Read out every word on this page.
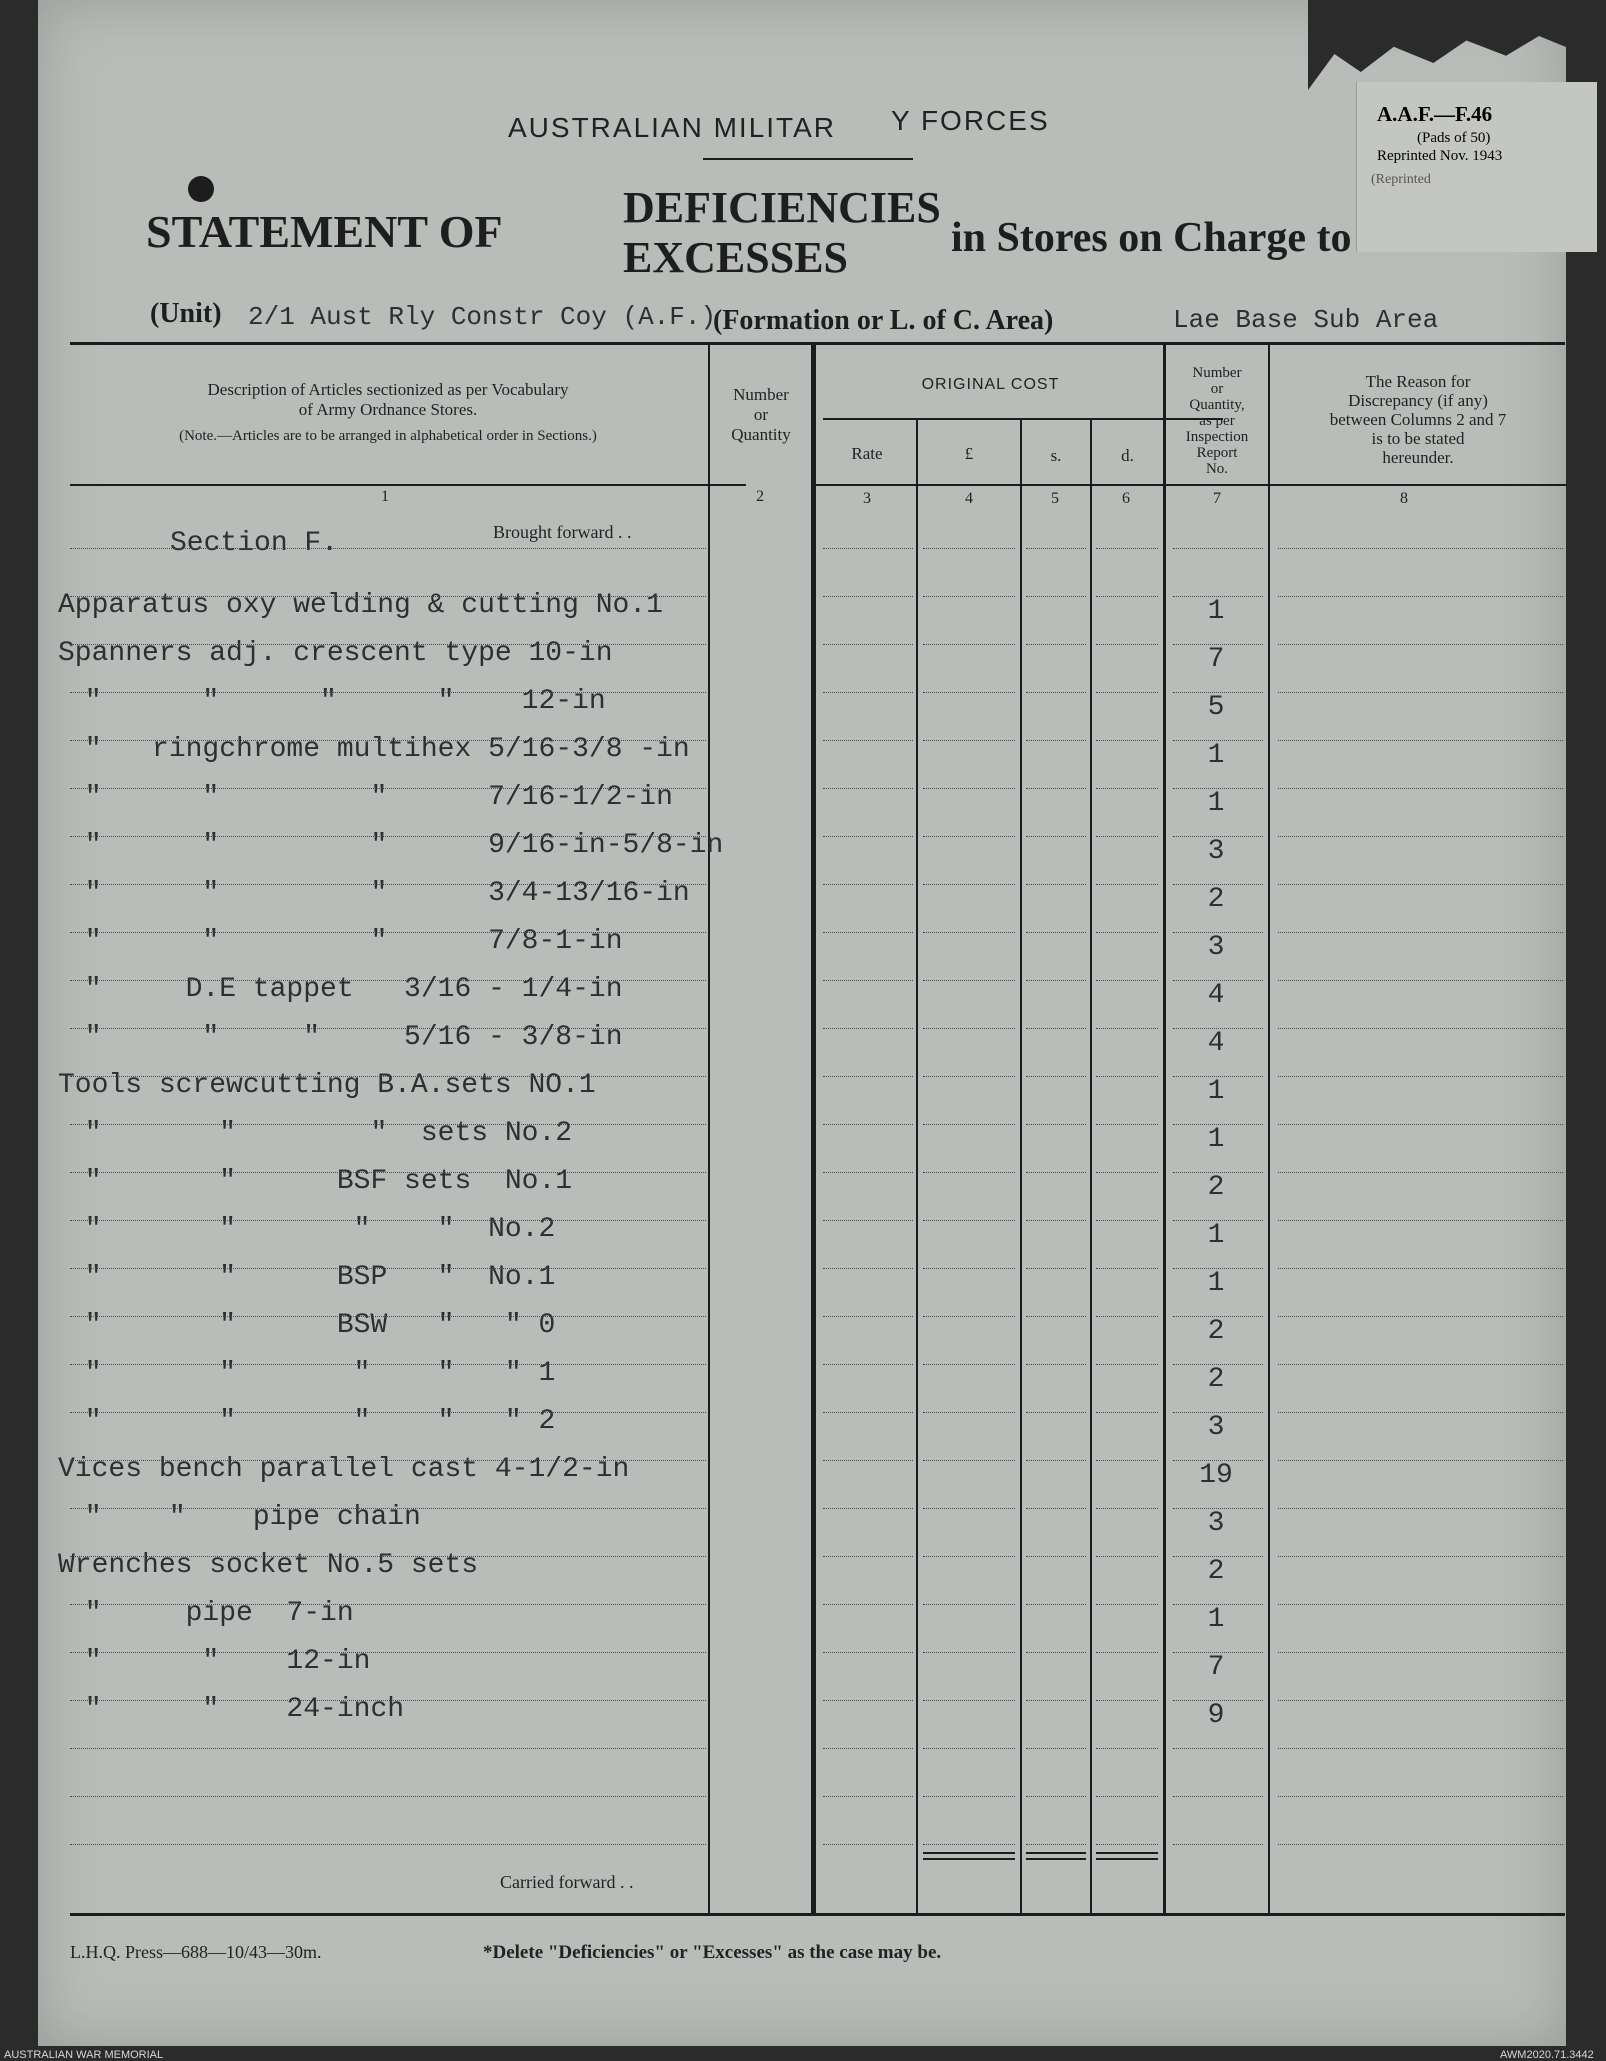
A.A.F.—F.46
(Pads of 50)
Reprinted Nov. 1943
(Reprinted
AUSTRALIAN MILITAR Y FORCES
STATEMENT OF	DEFICIENCIES
EXCESSES in Stores on Charge to
(Unit) 2/1 Aust Rly Constr Coy (A.F.)
(Formation or L. of C. Area)	Lae Base Sub Area
Description of Articles sectionized as per Vocabulary
of Army Ordnance Stores.
(Note.—Articles are to be arranged in alphabetical order in Sections.)
Number
or
Quantity
ORIGINAL COST
Rate	£	s.	d.
Number
or
Quantity,
as per
Inspection
Report
No.
The Reason for
Discrepancy (if any)
between Columns 2 and 7
is to be stated
hereunder.
1	2	3	4	5	6	7	8
Brought forward . .
Section F.
Apparatus oxy welding & cutting No.1	1
Spanners adj. crescent type 10-in	7
"      "      "      "    12-in	5
"   ringchrome multihex 5/16-3/8 -in	1
"      "         "      7/16-1/2-in	1
"      "         "      9/16-in-5/8-in	3
"      "         "      3/4-13/16-in	2
"      "         "      7/8-1-in	3
"     D.E tappet   3/16 - 1/4-in	4
"      "     "     5/16 - 3/8-in	4
Tools screwcutting B.A.sets NO.1	1
"       "        "  sets No.2	1
"       "      BSF sets  No.1	2
"       "       "    "  No.2	1
"       "      BSP   "  No.1	1
"       "      BSW   "   " 0	2
"       "       "    "   " 1	2
"       "       "    "   " 2	3
Vices bench parallel cast 4-1/2-in	19
"    "    pipe chain	3
Wrenches socket No.5 sets	2
"     pipe  7-in	1
"      "    12-in	7
"      "    24-inch	9
Carried forward . .
L.H.Q. Press—688—10/43—30m.	*Delete "Deficiencies" or "Excesses" as the case may be.
AUSTRALIAN WAR MEMORIAL	AWM2020.71.3442
